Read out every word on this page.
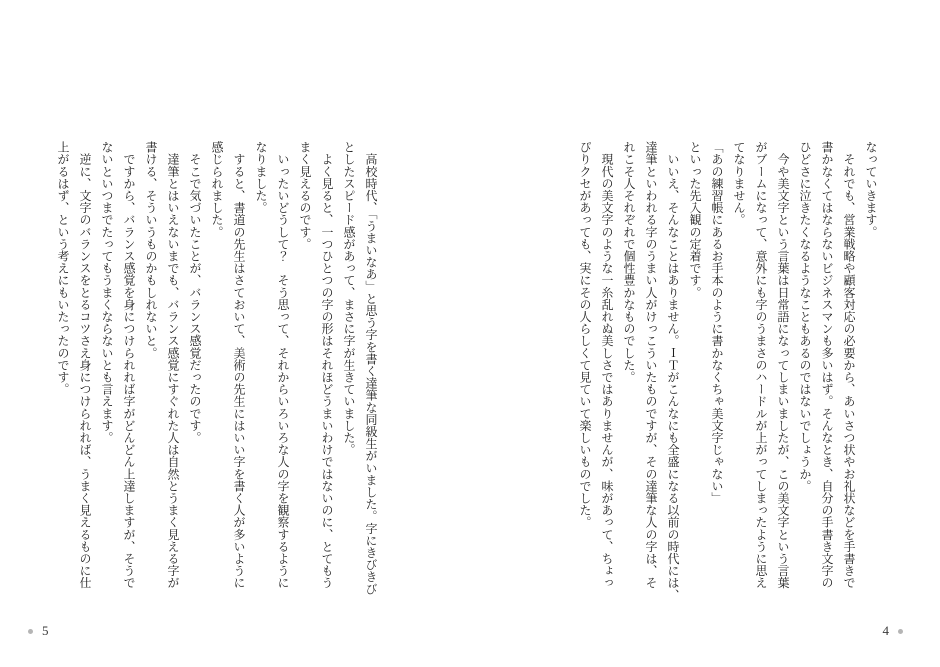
なっていきます。

　それでも、営業戦略や顧客対応の必要から、あいさつ状やお礼状などを手書きで

書かなくてはならないビジネスマンも多いはず。そんなとき、自分の手書き文字の

ひどさに泣きたくなるようなこともあるのではないでしょうか。

　今や美文字という言葉は日常語になってしまいましたが、この美文字という言葉

がブームになって、意外にも字のうまさのハードルが上がってしまったように思え

てなりません。

「あの練習帳にあるお手本のように書かなくちゃ美文字じゃない」

といった先入観の定着です。

　いいえ、そんなことはありません。ＩＴがこんなにも全盛になる以前の時代には、

達筆といわれる字のうまい人がけっこういたものですが、その達筆な人の字は、そ

れこそ人それぞれで個性豊かなものでした。

　現代の美文字のような一糸乱れぬ美しさではありませんが、味があって、ちょっ

ぴりクセがあっても、実にその人らしくて見ていて楽しいものでした。

4

　高校時代、「うまいなあ」と思う字を書く達筆な同級生がいました。字にきびきび

としたスピード感があって、まさに字が生きていました。

　よく見ると、一つひとつの字の形はそれほどうまいわけではないのに、とてもう

まく見えるのです。

　いったいどうして？　そう思って、それからいろいろな人の字を観察するように

なりました。

　すると、書道の先生はさておいて、美術の先生にはいい字を書く人が多いように

感じられました。

　そこで気づいたことが、バランス感覚だったのです。

　達筆とはいえないまでも、バランス感覚にすぐれた人は自然とうまく見える字が

書ける、そういうものかもしれないと。

　ですから、バランス感覚を身につけられれば字がどんどん上達しますが、そうで

ないといつまでたってもうまくならないとも言えます。

　逆に、文字のバランスをとるコツさえ身につけられれば、うまく見えるものに仕

上がるはず、という考えにもいたったのです。

5
